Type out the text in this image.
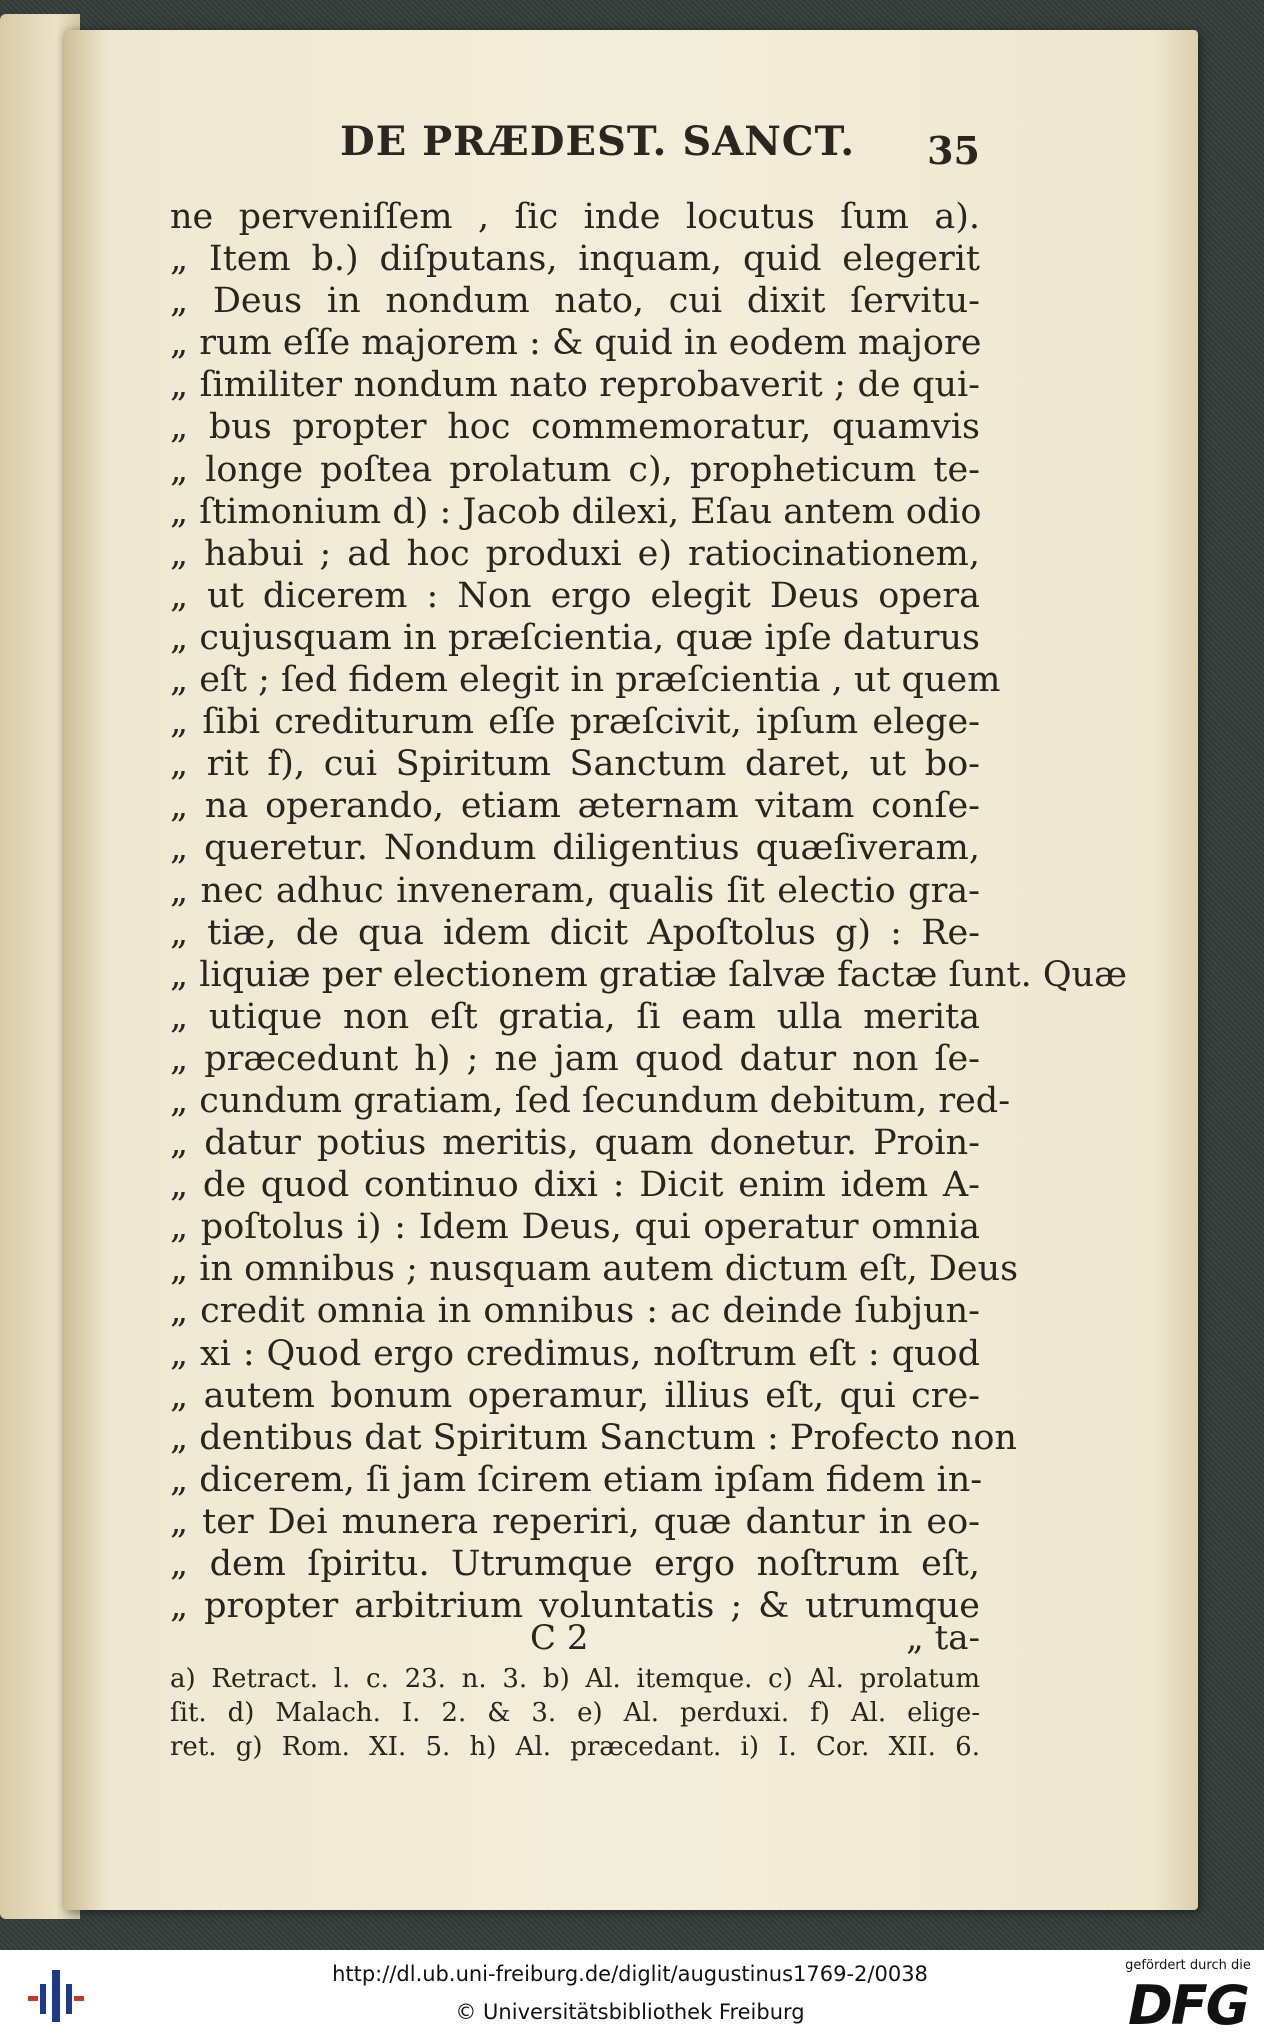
DE PRÆDEST. SANCT. 35
ne perveniſſem , ſic inde locutus ſum a).
„ Item b.) diſputans, inquam, quid elegerit
„ Deus in nondum nato, cui dixit ſervitu-
„ rum eſſe majorem : & quid in eodem majore
„ ſimiliter nondum nato reprobaverit ; de qui-
„ bus propter hoc commemoratur, quamvis
„ longe poſtea prolatum c), propheticum te-
„ ſtimonium d) : Jacob dilexi, Eſau antem odio
„ habui ; ad hoc produxi e) ratiocinationem,
„ ut dicerem : Non ergo elegit Deus opera
„ cujusquam in præſcientia, quæ ipſe daturus
„ eſt ; ſed fidem elegit in præſcientia , ut quem
„ ſibi crediturum eſſe præſcivit, ipſum elege-
„ rit f), cui Spiritum Sanctum daret, ut bo-
„ na operando, etiam æternam vitam conſe-
„ queretur. Nondum diligentius quæſiveram,
„ nec adhuc inveneram, qualis ſit electio gra-
„ tiæ, de qua idem dicit Apoſtolus g) : Re-
„ liquiæ per electionem gratiæ ſalvæ factæ ſunt. Quæ
„ utique non eſt gratia, ſi eam ulla merita
„ præcedunt h) ; ne jam quod datur non ſe-
„ cundum gratiam, ſed ſecundum debitum, red-
„ datur potius meritis, quam donetur. Proin-
„ de quod continuo dixi : Dicit enim idem A-
„ poſtolus i) : Idem Deus, qui operatur omnia
„ in omnibus ; nusquam autem dictum eſt, Deus
„ credit omnia in omnibus : ac deinde ſubjun-
„ xi : Quod ergo credimus, noſtrum eſt : quod
„ autem bonum operamur, illius eſt, qui cre-
„ dentibus dat Spiritum Sanctum : Profecto non
„ dicerem, ſi jam ſcirem etiam ipſam fidem in-
„ ter Dei munera reperiri, quæ dantur in eo-
„ dem ſpiritu. Utrumque ergo noſtrum eſt,
„ propter arbitrium voluntatis ; & utrumque
C 2	„ ta-
a) Retract. l. c. 23. n. 3. b) Al. itemque. c) Al. prolatum
ſit. d) Malach. I. 2. & 3. e) Al. perduxi. f) Al. elige-
ret. g) Rom. XI. 5. h) Al. præcedant. i) I. Cor. XII. 6.
http://dl.ub.uni-freiburg.de/diglit/augustinus1769-2/0038
© Universitätsbibliothek Freiburg
gefördert durch die
DFG
